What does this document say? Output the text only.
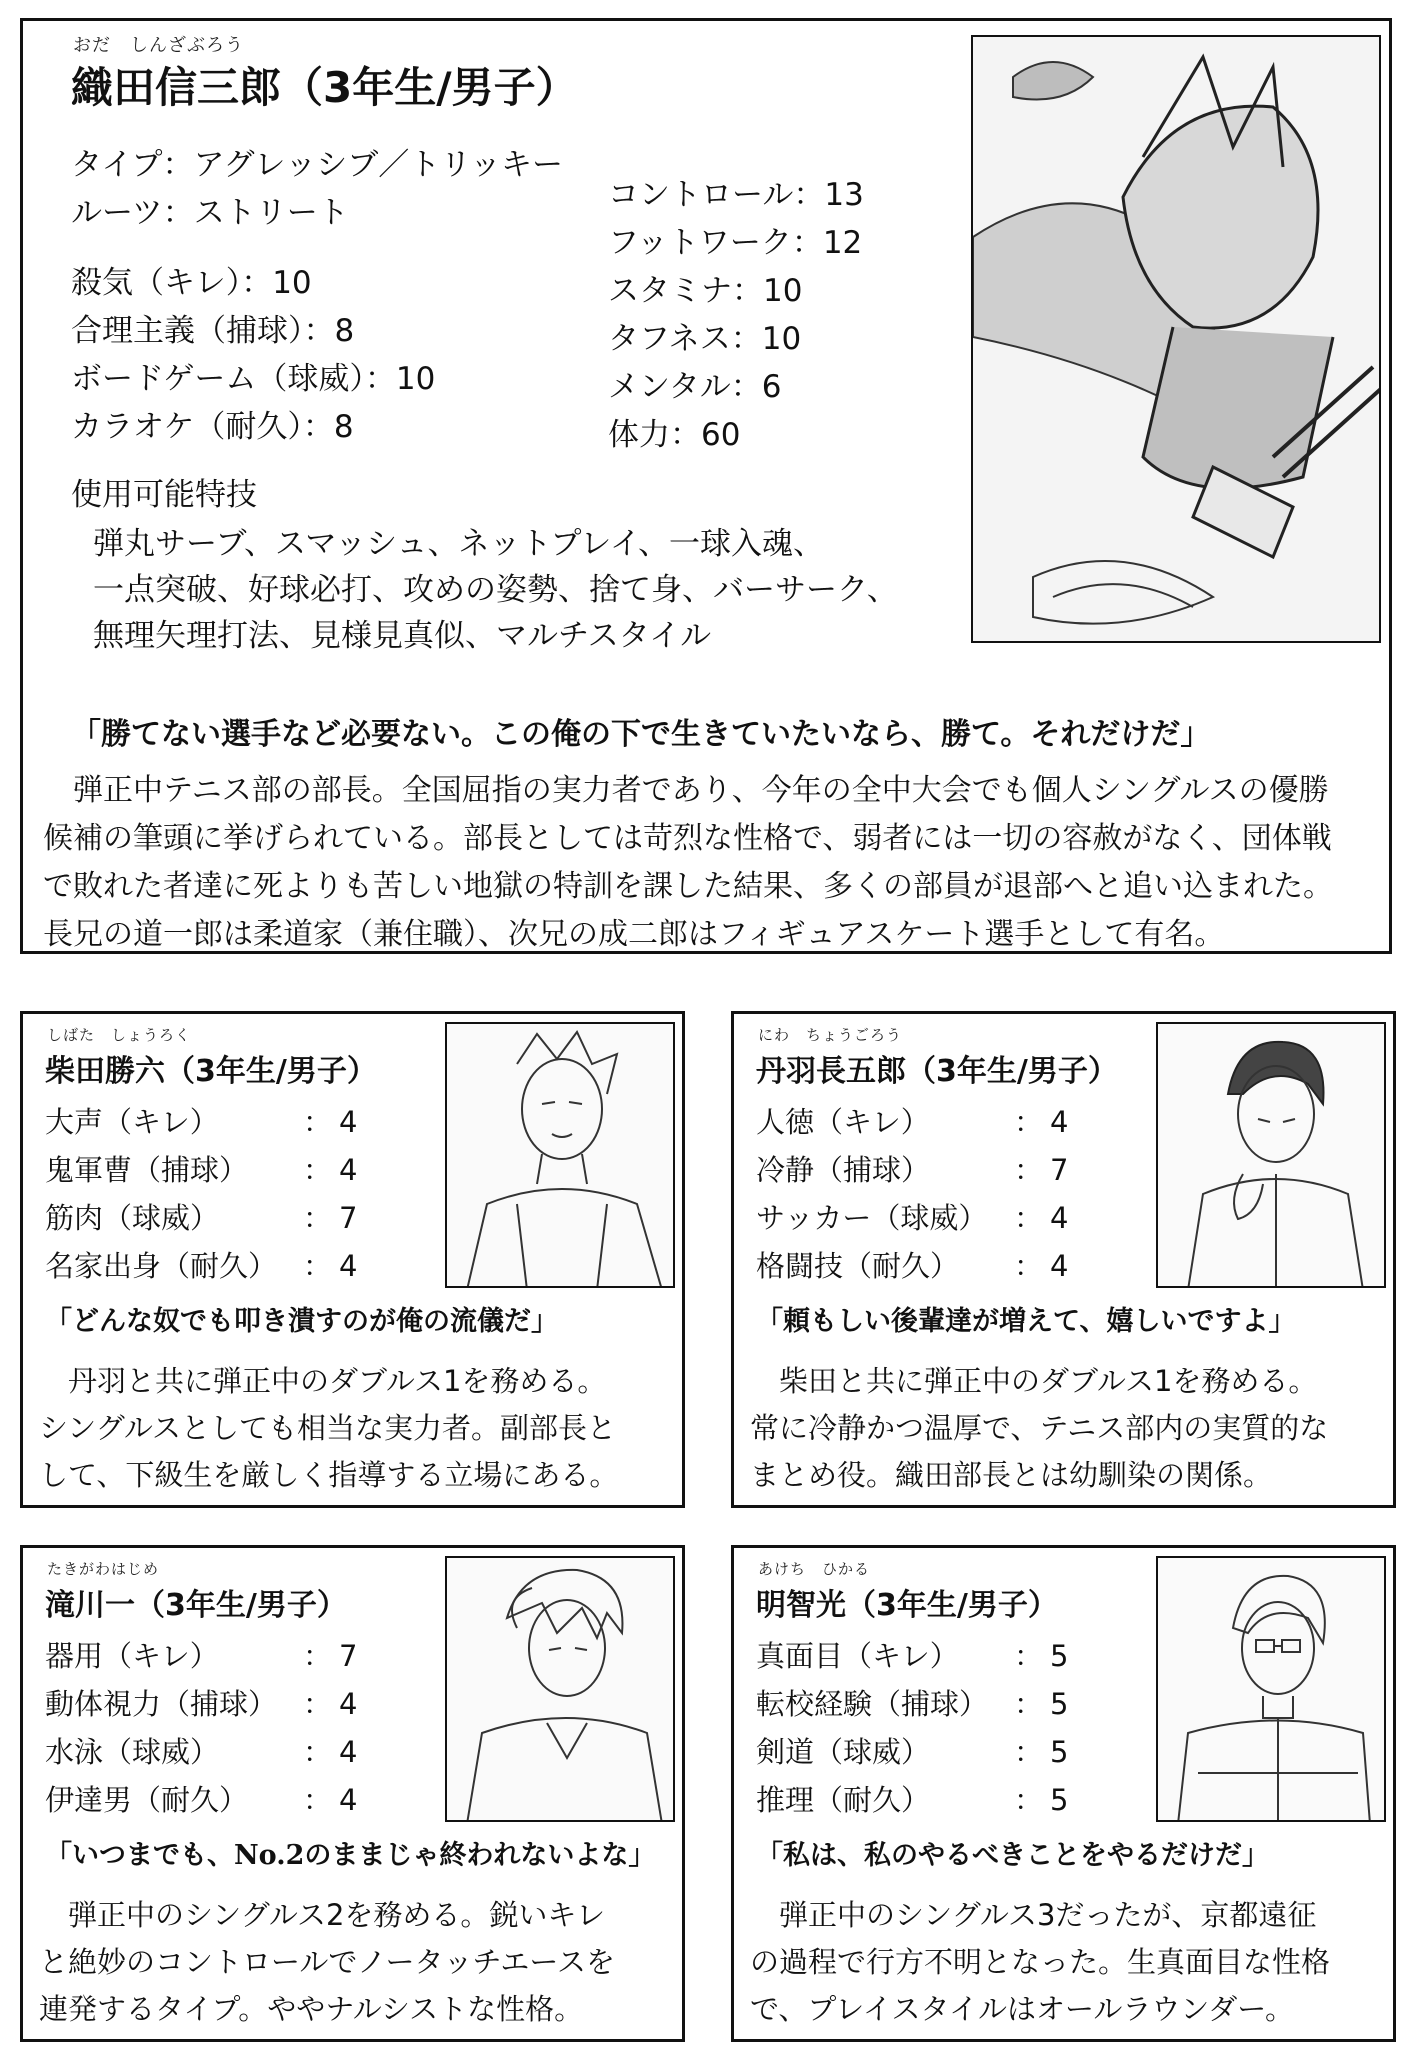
おだ　しんざぶろう
織田信三郎（3年生/男子）
タイプ：アグレッシブ／トリッキー
ルーツ：ストリート
殺気（キレ）：10
合理主義（捕球）：8
ボードゲーム（球威）：10
カラオケ（耐久）：8
コントロール：13
フットワーク：12
スタミナ：10
タフネス：10
メンタル：6
体力：60
使用可能特技
弾丸サーブ、スマッシュ、ネットプレイ、一球入魂、
一点突破、好球必打、攻めの姿勢、捨て身、バーサーク、
無理矢理打法、見様見真似、マルチスタイル
「勝てない選手など必要ない。この俺の下で生きていたいなら、勝て。それだけだ」

　弾正中テニス部の部長。全国屈指の実力者であり、今年の全中大会でも個人シングルスの優勝

候補の筆頭に挙げられている。部長としては苛烈な性格で、弱者には一切の容赦がなく、団体戦

で敗れた者達に死よりも苦しい地獄の特訓を課した結果、多くの部員が退部へと追い込まれた。

長兄の道一郎は柔道家（兼住職）、次兄の成二郎はフィギュアスケート選手として有名。

しばた　しょうろく
柴田勝六（3年生/男子）
大声（キレ）	： 4
鬼軍曹（捕球）	： 4
筋肉（球威）	： 7
名家出身（耐久） ： 4
「どんな奴でも叩き潰すのが俺の流儀だ」
　丹羽と共に弾正中のダブルス1を務める。
シングルスとしても相当な実力者。副部長と
して、下級生を厳しく指導する立場にある。
にわ　ちょうごろう
丹羽長五郎（3年生/男子）
人徳（キレ）	： 4
冷静（捕球）	： 7
サッカー（球威） ： 4
格闘技（耐久）	： 4
「頼もしい後輩達が増えて、嬉しいですよ」
　柴田と共に弾正中のダブルス1を務める。
常に冷静かつ温厚で、テニス部内の実質的な
まとめ役。織田部長とは幼馴染の関係。
たきがわはじめ
滝川一（3年生/男子）
器用（キレ）	： 7
動体視力（捕球） ： 4
水泳（球威）	： 4
伊達男（耐久）	： 4
「いつまでも、No.2のままじゃ終われないよな」
　弾正中のシングルス2を務める。鋭いキレ
と絶妙のコントロールでノータッチエースを
連発するタイプ。ややナルシストな性格。
あけち　ひかる
明智光（3年生/男子）
真面目（キレ）	： 5
転校経験（捕球） ： 5
剣道（球威）	： 5
推理（耐久）	： 5
「私は、私のやるべきことをやるだけだ」
　弾正中のシングルス3だったが、京都遠征
の過程で行方不明となった。生真面目な性格
で、プレイスタイルはオールラウンダー。
